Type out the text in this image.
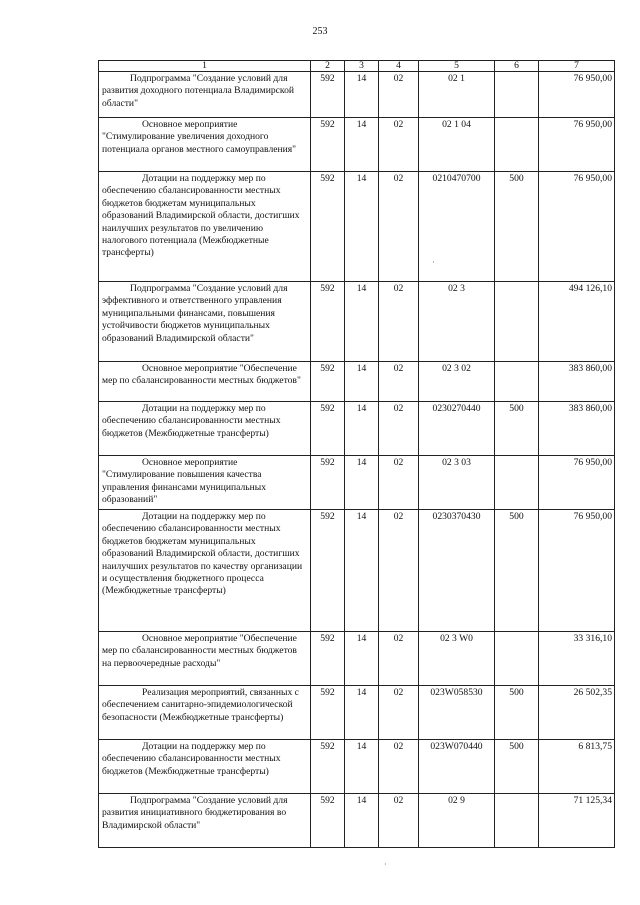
253
1	2	3	4	5	6	7

Подпрограмма "Создание условий для развития доходного потенциала Владимирской области"	592	14	02	02 1		76 950,00

Основное мероприятие "Стимулирование увеличения доходного потенциала органов местного самоуправления"	592	14	02	02 1 04		76 950,00

Дотации на поддержку мер по обеспечению сбалансированности местных бюджетов бюджетам муниципальных образований Владимирской области, достигших наилучших результатов по увеличению налогового потенциала (Межбюджетные трансферты)	592	14	02	0210470700	500	76 950,00

Подпрограмма "Создание условий для эффективного и ответственного управления муниципальными финансами, повышения устойчивости бюджетов муниципальных образований Владимирской области"	592	14	02	02 3		494 126,10

Основное мероприятие "Обеспечение мер по сбалансированности местных бюджетов"	592	14	02	02 3 02		383 860,00

Дотации на поддержку мер по обеспечению сбалансированности местных бюджетов (Межбюджетные трансферты)	592	14	02	0230270440	500	383 860,00

Основное мероприятие "Стимулирование повышения качества управления финансами муниципальных образований"	592	14	02	02 3 03		76 950,00

Дотации на поддержку мер по обеспечению сбалансированности местных бюджетов бюджетам муниципальных образований Владимирской области, достигших наилучших результатов по качеству организации и осуществления бюджетного процесса (Межбюджетные трансферты)	592	14	02	0230370430	500	76 950,00

Основное мероприятие "Обеспечение мер по сбалансированности местных бюджетов на первоочередные расходы"	592	14	02	02 3 W0		33 316,10

Реализация мероприятий, связанных с обеспечением санитарно-эпидемиологической безопасности (Межбюджетные трансферты)	592	14	02	023W058530	500	26 502,35

Дотации на поддержку мер по обеспечению сбалансированности местных бюджетов (Межбюджетные трансферты)	592	14	02	023W070440	500	6 813,75

Подпрограмма "Создание условий для развития инициативного бюджетирования во Владимирской области"	592	14	02	02 9		71 125,34
·
·
